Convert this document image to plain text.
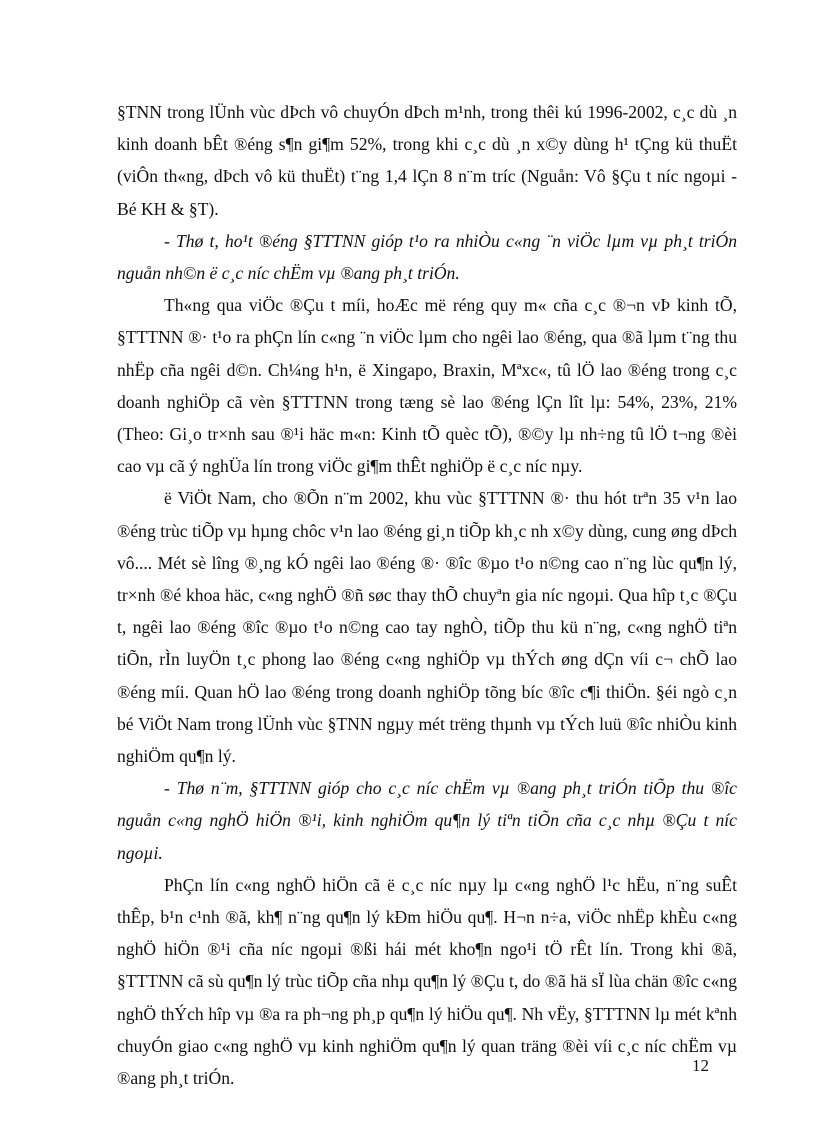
§TNN trong lÜnh vùc dÞch vô chuyÓn dÞch m¹nh, trong thêi kú 1996-2002, c¸c dù ¸n kinh doanh bÊt ®éng s¶n gi¶m 52%, trong khi c¸c dù ¸n x©y dùng h¹ tÇng kü thuËt (viÔn th«ng, dÞch vô kü thuËt) t¨ng 1,4 lÇn 8 n¨m tríc (Nguån: Vô §Çu t níc ngoµi - Bé KH & §T).

- Thø t, ho¹t ®éng §TTTNN gióp t¹o ra nhiÒu c«ng ¨n viÖc lµm vµ ph¸t triÓn nguån nh©n ë c¸c níc chËm vµ ®ang ph¸t triÓn.

Th«ng qua viÖc ®Çu t míi, hoÆc më réng quy m« cña c¸c ®¬n vÞ kinh tÕ, §TTTNN ®· t¹o ra phÇn lín c«ng ¨n viÖc lµm cho ngêi lao ®éng, qua ®ã lµm t¨ng thu nhËp cña ngêi d©n. Ch¼ng h¹n, ë Xingapo, Braxin, Mªxc«, tû lÖ lao ®éng trong c¸c doanh nghiÖp cã vèn §TTTNN trong tæng sè lao ®éng lÇn lît lµ: 54%, 23%, 21% (Theo: Gi¸o tr×nh sau ®¹i häc m«n: Kinh tÕ quèc tÕ), ®©y lµ nh÷ng tû lÖ t¬ng ®èi cao vµ cã ý nghÜa lín trong viÖc gi¶m thÊt nghiÖp ë c¸c níc nµy.

ë ViÖt Nam, cho ®Õn n¨m 2002, khu vùc §TTTNN ®· thu hót trªn 35 v¹n lao ®éng trùc tiÕp vµ hµng chôc v¹n lao ®éng gi¸n tiÕp kh¸c nh x©y dùng, cung øng dÞch vô.... Mét sè lîng ®¸ng kÓ ngêi lao ®éng ®· ®îc ®µo t¹o n©ng cao n¨ng lùc qu¶n lý, tr×nh ®é khoa häc, c«ng nghÖ ®ñ søc thay thÕ chuyªn gia níc ngoµi. Qua hîp t¸c ®Çu t, ngêi lao ®éng ®îc ®µo t¹o n©ng cao tay nghÒ, tiÕp thu kü n¨ng, c«ng nghÖ tiªn tiÕn, rÌn luyÖn t¸c phong lao ®éng c«ng nghiÖp vµ thÝch øng dÇn víi c¬ chÕ lao ®éng míi. Quan hÖ lao ®éng trong doanh nghiÖp tõng bíc ®îc c¶i thiÖn. §éi ngò c¸n bé ViÖt Nam trong lÜnh vùc §TNN ngµy mét trëng thµnh vµ tÝch luü ®îc nhiÒu kinh nghiÖm qu¶n lý.

- Thø n¨m, §TTTNN gióp cho c¸c níc chËm vµ ®ang ph¸t triÓn tiÕp thu ®îc nguån c«ng nghÖ hiÖn ®¹i, kinh nghiÖm qu¶n lý tiªn tiÕn cña c¸c nhµ ®Çu t níc ngoµi.

PhÇn lín c«ng nghÖ hiÖn cã ë c¸c níc nµy lµ c«ng nghÖ l¹c hËu, n¨ng suÊt thÊp, b¹n c¹nh ®ã, kh¶ n¨ng qu¶n lý kÐm hiÖu qu¶. H¬n n÷a, viÖc nhËp khÈu c«ng nghÖ hiÖn ®¹i cña níc ngoµi ®ßi hái mét kho¶n ngo¹i tÖ rÊt lín. Trong khi ®ã, §TTTNN cã sù qu¶n lý trùc tiÕp cña nhµ qu¶n lý ®Çu t, do ®ã hä sÏ lùa chän ®îc c«ng nghÖ thÝch hîp vµ ®a ra ph¬ng ph¸p qu¶n lý hiÖu qu¶. Nh vËy, §TTTNN lµ mét kªnh chuyÓn giao c«ng nghÖ vµ kinh nghiÖm qu¶n lý quan träng ®èi víi c¸c níc chËm vµ ®ang ph¸t triÓn.

12
